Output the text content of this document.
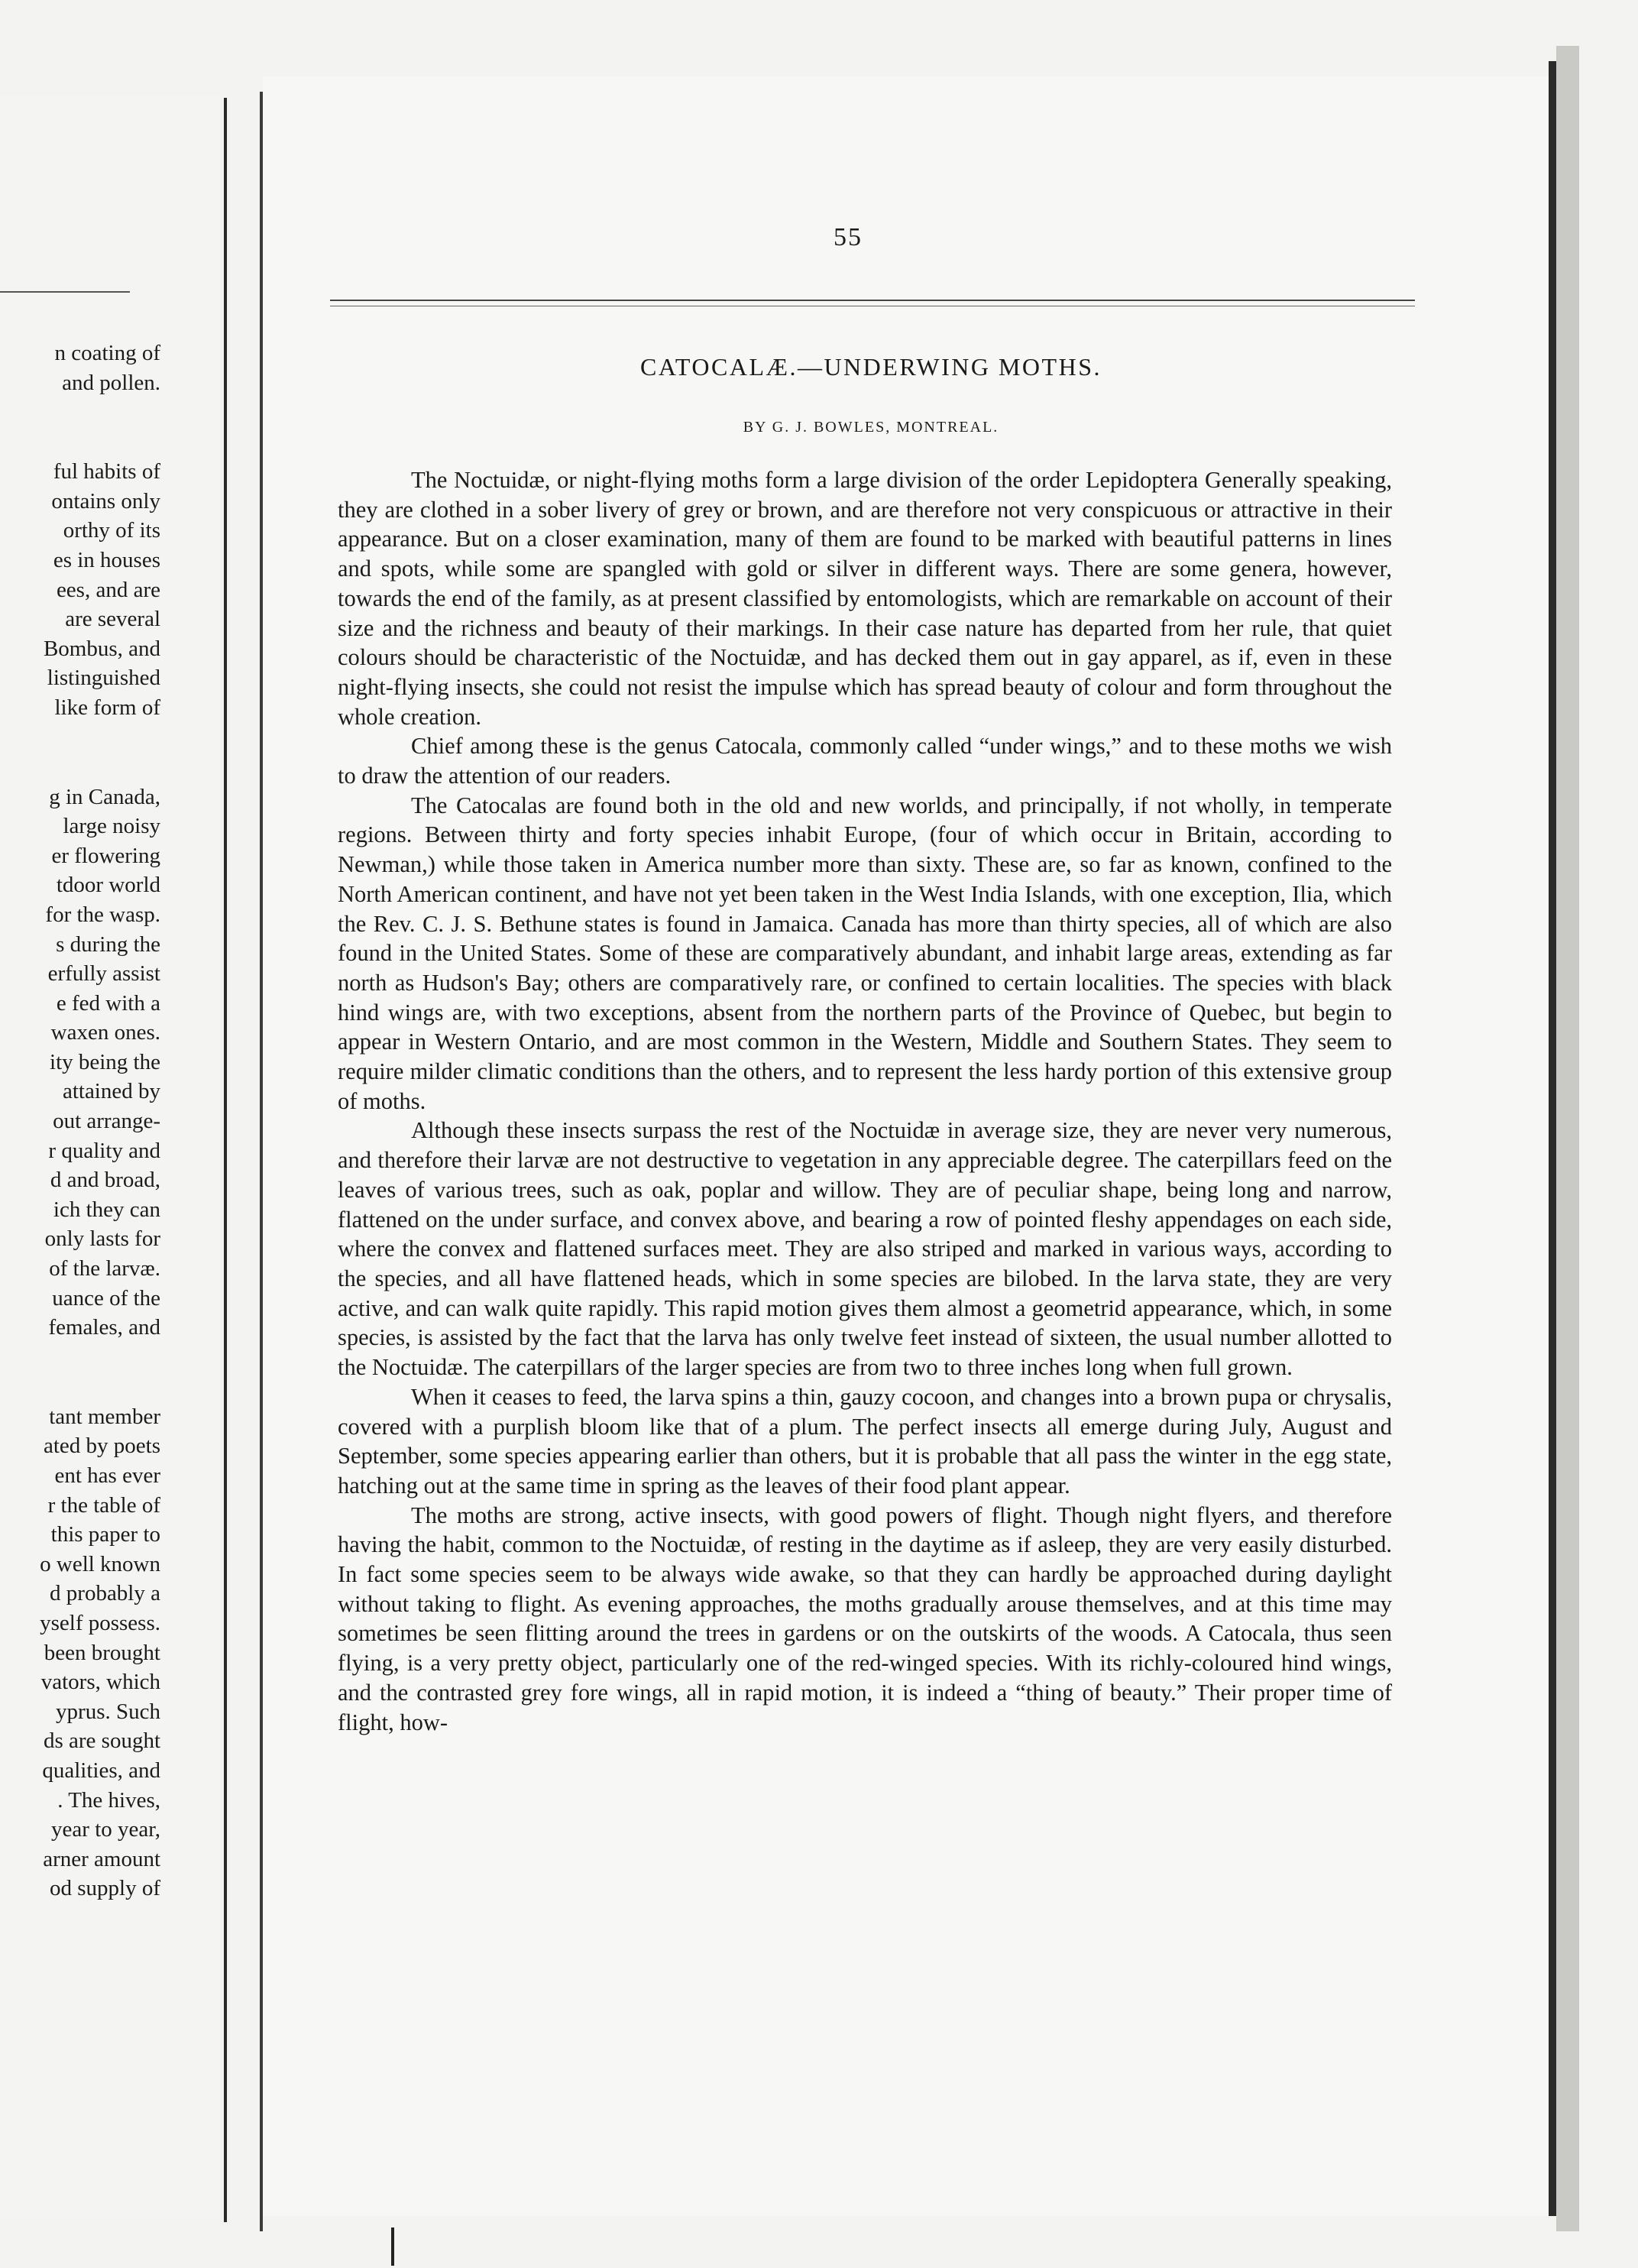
n coating of
and pollen.
ful habits of
ontains only
orthy of its
es in houses
ees, and are
are several
Bombus, and
listinguished
like form of
g in Canada,
large noisy
er flowering
tdoor world
for the wasp.
s during the
erfully assist
e fed with a
waxen ones.
ity being the
attained by
out arrange-
r quality and
d and broad,
ich they can
only lasts for
of the larvæ.
uance of the
females, and
tant member
ated by poets
ent has ever
r the table of
this paper to
o well known
d probably a
yself possess.
been brought
vators, which
yprus. Such
ds are sought
qualities, and
. The hives,
year to year,
arner amount
od supply of
55
CATOCALÆ.—UNDERWING MOTHS.
BY G. J. BOWLES, MONTREAL.

The Noctuidæ, or night-flying moths form a large division of the order Lepidoptera Generally speaking, they are clothed in a sober livery of grey or brown, and are therefore not very conspicuous or attractive in their appearance. But on a closer examination, many of them are found to be marked with beautiful patterns in lines and spots, while some are spangled with gold or silver in different ways. There are some genera, however, towards the end of the family, as at present classified by entomologists, which are remarkable on account of their size and the richness and beauty of their markings. In their case nature has departed from her rule, that quiet colours should be characteristic of the Noctuidæ, and has decked them out in gay apparel, as if, even in these night-flying insects, she could not resist the impulse which has spread beauty of colour and form throughout the whole creation.

Chief among these is the genus Catocala, commonly called “under wings,” and to these moths we wish to draw the attention of our readers.

The Catocalas are found both in the old and new worlds, and principally, if not wholly, in temperate regions. Between thirty and forty species inhabit Europe, (four of which occur in Britain, according to Newman,) while those taken in America number more than sixty. These are, so far as known, confined to the North American continent, and have not yet been taken in the West India Islands, with one exception, Ilia, which the Rev. C. J. S. Bethune states is found in Jamaica. Canada has more than thirty species, all of which are also found in the United States. Some of these are comparatively abundant, and inhabit large areas, extending as far north as Hudson's Bay; others are comparatively rare, or confined to certain localities. The species with black hind wings are, with two exceptions, absent from the northern parts of the Province of Quebec, but begin to appear in Western Ontario, and are most common in the Western, Middle and Southern States. They seem to require milder climatic conditions than the others, and to represent the less hardy portion of this extensive group of moths.

Although these insects surpass the rest of the Noctuidæ in average size, they are never very numerous, and therefore their larvæ are not destructive to vegetation in any appreciable degree. The caterpillars feed on the leaves of various trees, such as oak, poplar and willow. They are of peculiar shape, being long and narrow, flattened on the under surface, and convex above, and bearing a row of pointed fleshy appendages on each side, where the convex and flattened surfaces meet. They are also striped and marked in various ways, according to the species, and all have flattened heads, which in some species are bilobed. In the larva state, they are very active, and can walk quite rapidly. This rapid motion gives them almost a geometrid appearance, which, in some species, is assisted by the fact that the larva has only twelve feet instead of sixteen, the usual number allotted to the Noctuidæ. The caterpillars of the larger species are from two to three inches long when full grown.

When it ceases to feed, the larva spins a thin, gauzy cocoon, and changes into a brown pupa or chrysalis, covered with a purplish bloom like that of a plum. The perfect insects all emerge during July, August and September, some species appearing earlier than others, but it is probable that all pass the winter in the egg state, hatching out at the same time in spring as the leaves of their food plant appear.

The moths are strong, active insects, with good powers of flight. Though night flyers, and therefore having the habit, common to the Noctuidæ, of resting in the daytime as if asleep, they are very easily disturbed. In fact some species seem to be always wide awake, so that they can hardly be approached during daylight without taking to flight. As evening approaches, the moths gradually arouse themselves, and at this time may sometimes be seen flitting around the trees in gardens or on the outskirts of the woods. A Catocala, thus seen flying, is a very pretty object, particularly one of the red-winged species. With its richly-coloured hind wings, and the contrasted grey fore wings, all in rapid motion, it is indeed a “thing of beauty.” Their proper time of flight, how-
